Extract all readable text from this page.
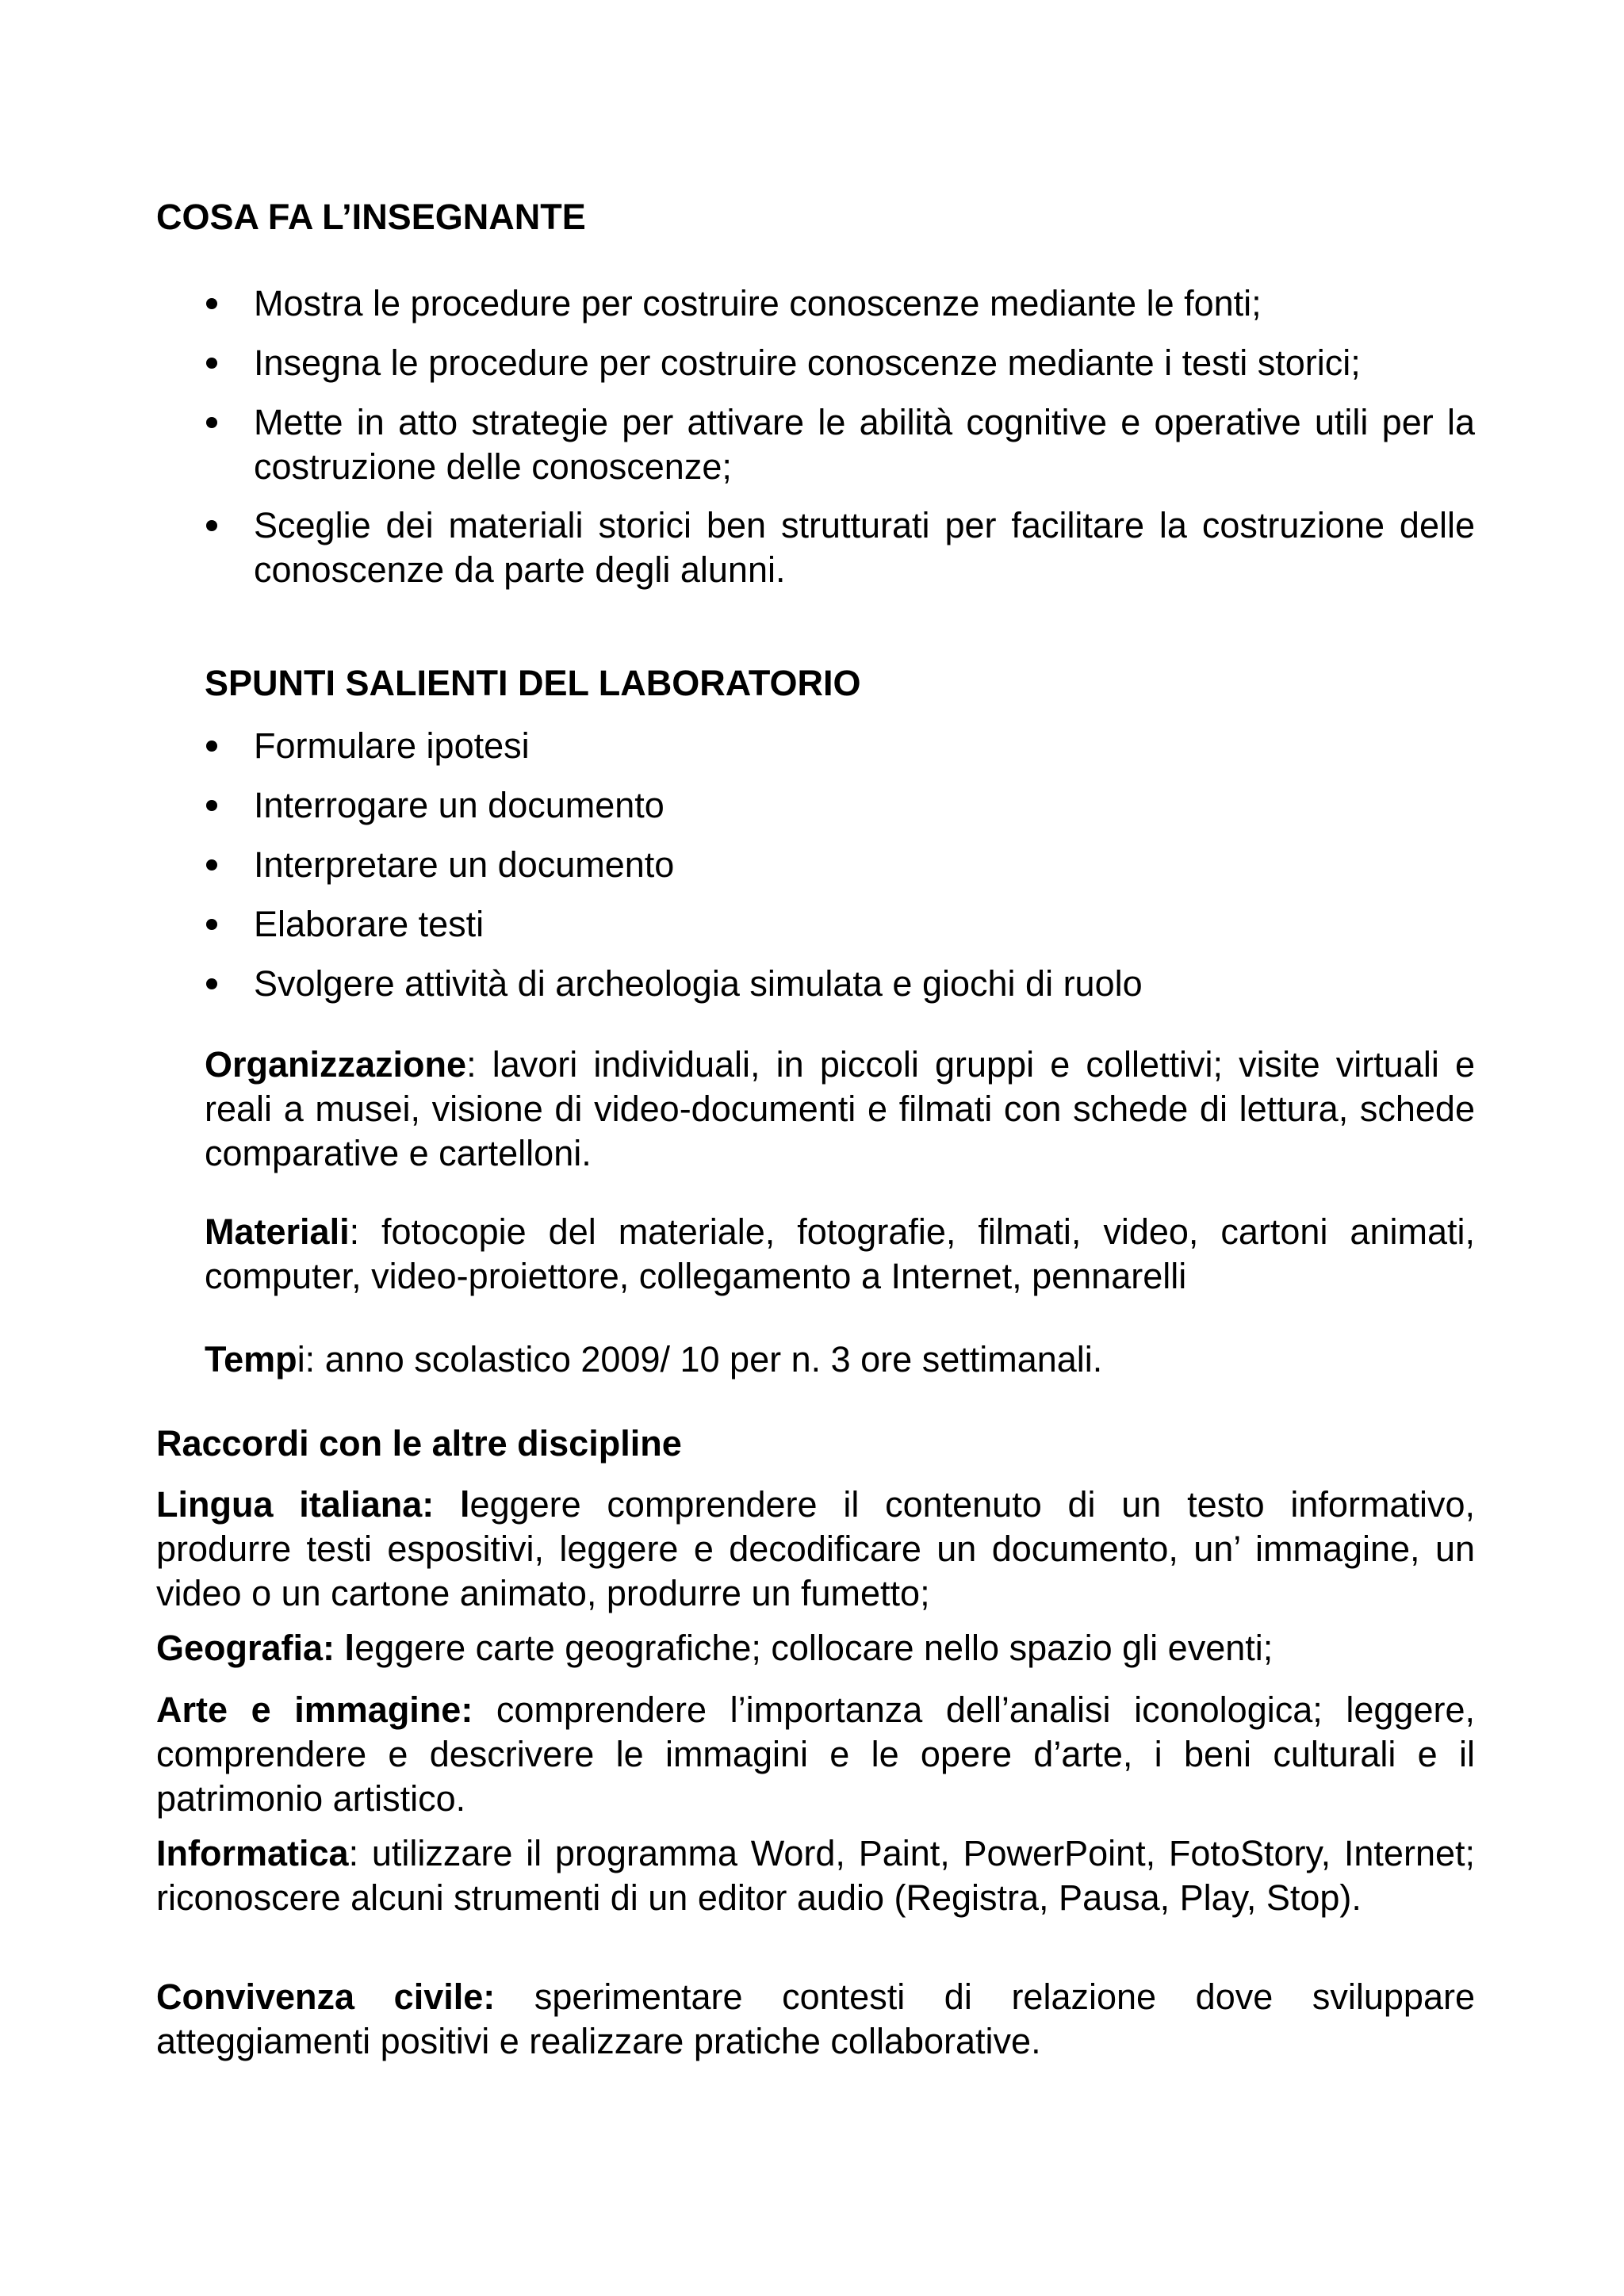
COSA FA L’INSEGNANTE
Mostra le procedure per costruire conoscenze mediante le fonti;
Insegna le procedure per costruire conoscenze mediante i testi storici;
Mette in atto strategie per attivare le abilità cognitive e operative utili per la costruzione delle conoscenze;
Sceglie dei materiali storici ben strutturati per facilitare la costruzione delle conoscenze da parte degli alunni.
SPUNTI SALIENTI DEL LABORATORIO
Formulare ipotesi
Interrogare un documento
Interpretare un documento
Elaborare testi
Svolgere attività di archeologia simulata e giochi di ruolo
Organizzazione: lavori individuali, in piccoli gruppi e collettivi; visite virtuali e reali a musei, visione di video-documenti e filmati con schede di lettura, schede comparative e cartelloni.
Materiali: fotocopie del materiale, fotografie, filmati, video, cartoni animati, computer, video-proiettore, collegamento a Internet, pennarelli
Tempi: anno scolastico 2009/ 10 per n. 3 ore settimanali.
Raccordi con le altre discipline
Lingua italiana: leggere comprendere il contenuto di un testo informativo, produrre testi espositivi, leggere e decodificare un documento, un’ immagine, un video o un cartone animato, produrre un fumetto;
Geografia: leggere carte geografiche; collocare nello spazio gli eventi;
Arte e immagine: comprendere l’importanza dell’analisi iconologica; leggere, comprendere e descrivere le immagini e le opere d’arte, i beni culturali e il patrimonio artistico.
Informatica: utilizzare il programma Word, Paint, PowerPoint, FotoStory, Internet; riconoscere alcuni strumenti di un editor audio (Registra, Pausa, Play, Stop).
Convivenza civile: sperimentare contesti di relazione dove sviluppare atteggiamenti positivi e realizzare pratiche collaborative.
